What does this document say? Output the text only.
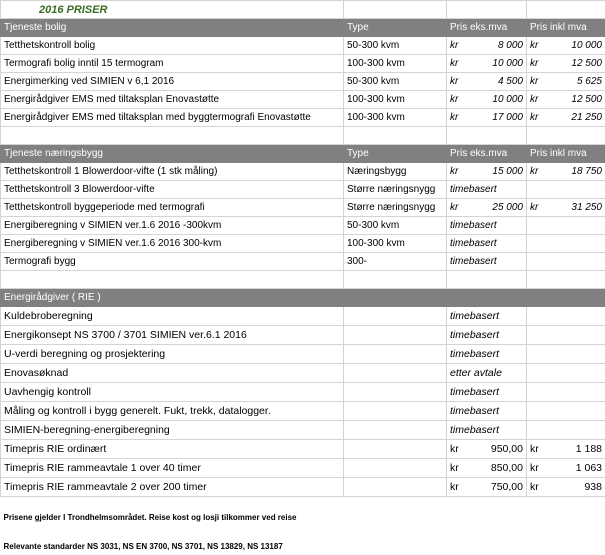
2016 PRISER			
Tjeneste bolig	Type	Pris eks.mva	Pris inkl mva
Tetthetskontroll bolig	50-300 kvm	kr 8 000	kr 10 000

Termografi bolig inntil 15 termogram	100-300 kvm	kr 10 000	kr 12 500

Energimerking ved SIMIEN v 6,1 2016	50-300 kvm	kr 4 500	kr 5 625

Energirådgiver EMS med tiltaksplan Enovastøtte	100-300 kvm	kr 10 000	kr 12 500

Energirådgiver EMS med tiltaksplan med byggtermografi Enovastøtte	100-300 kvm	kr 17 000	kr 21 250

Tjeneste næringsbygg	Type	Pris eks.mva	Pris inkl mva
Tetthetskontroll 1 Blowerdoor-vifte (1 stk måling)	Næringsbygg	kr 15 000	kr 18 750

Tetthetskontroll 3 Blowerdoor-vifte	Større næringsnygg	timebasert	
Tetthetskontroll byggeperiode med termografi	Større næringsnygg	kr 25 000	kr 31 250

Energiberegning v SIMIEN ver.1.6 2016 -300kvm	50-300 kvm	timebasert	
Energiberegning v SIMIEN ver.1.6 2016 300-kvm	100-300 kvm	timebasert	
Termografi bygg	300-	timebasert	

Energirådgiver ( RIE )			
Kuldebroberegning		timebasert	
Energikonsept NS 3700 / 3701 SIMIEN ver.6.1 2016		timebasert	
U-verdi beregning og prosjektering		timebasert	
Enovasøknad		etter avtale	
Uavhengig kontroll		timebasert	
Måling og kontroll i bygg generelt. Fukt, trekk, datalogger.		timebasert	
SIMIEN-beregning-energiberegning		timebasert	
Timepris RIE ordinært		kr 950,00	kr 1 188

Timepris RIE rammeavtale 1 over 40 timer		kr 850,00	kr 1 063

Timepris RIE rammeavtale 2 over 200 timer		kr 750,00	kr 938

Prisene gjelder I Trondhelmsområdet. Reise kost og losji tilkommer ved reise			

Relevante standarder NS 3031, NS EN 3700, NS 3701, NS 13829, NS 13187			
